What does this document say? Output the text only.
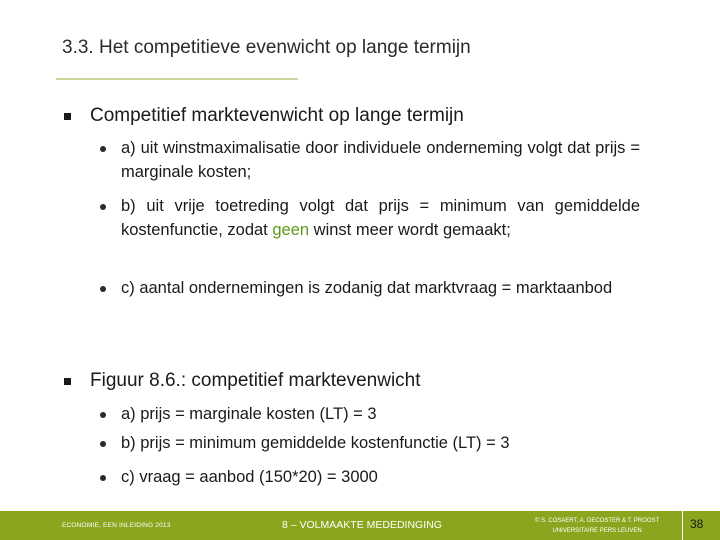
3.3. Het competitieve evenwicht op lange termijn
Competitief marktevenwicht op lange termijn
a) uit winstmaximalisatie door individuele onderneming volgt dat prijs = marginale kosten;
b) uit vrije toetreding volgt dat prijs = minimum van gemiddelde kostenfunctie, zodat geen winst meer wordt gemaakt;
c) aantal ondernemingen is zodanig dat marktvraag = marktaanbod
Figuur 8.6.: competitief marktevenwicht
a) prijs = marginale kosten (LT) = 3
b) prijs = minimum gemiddelde kostenfunctie (LT) = 3
c) vraag = aanbod (150*20) = 3000
ECONOMIE, EEN INLEIDING 2013	8 – VOLMAAKTE MEDEDINGING	© S. COSAERT, A. DECOSTER & T. PROOST
UNIVERSITAIRE PERS LEUVEN	38
